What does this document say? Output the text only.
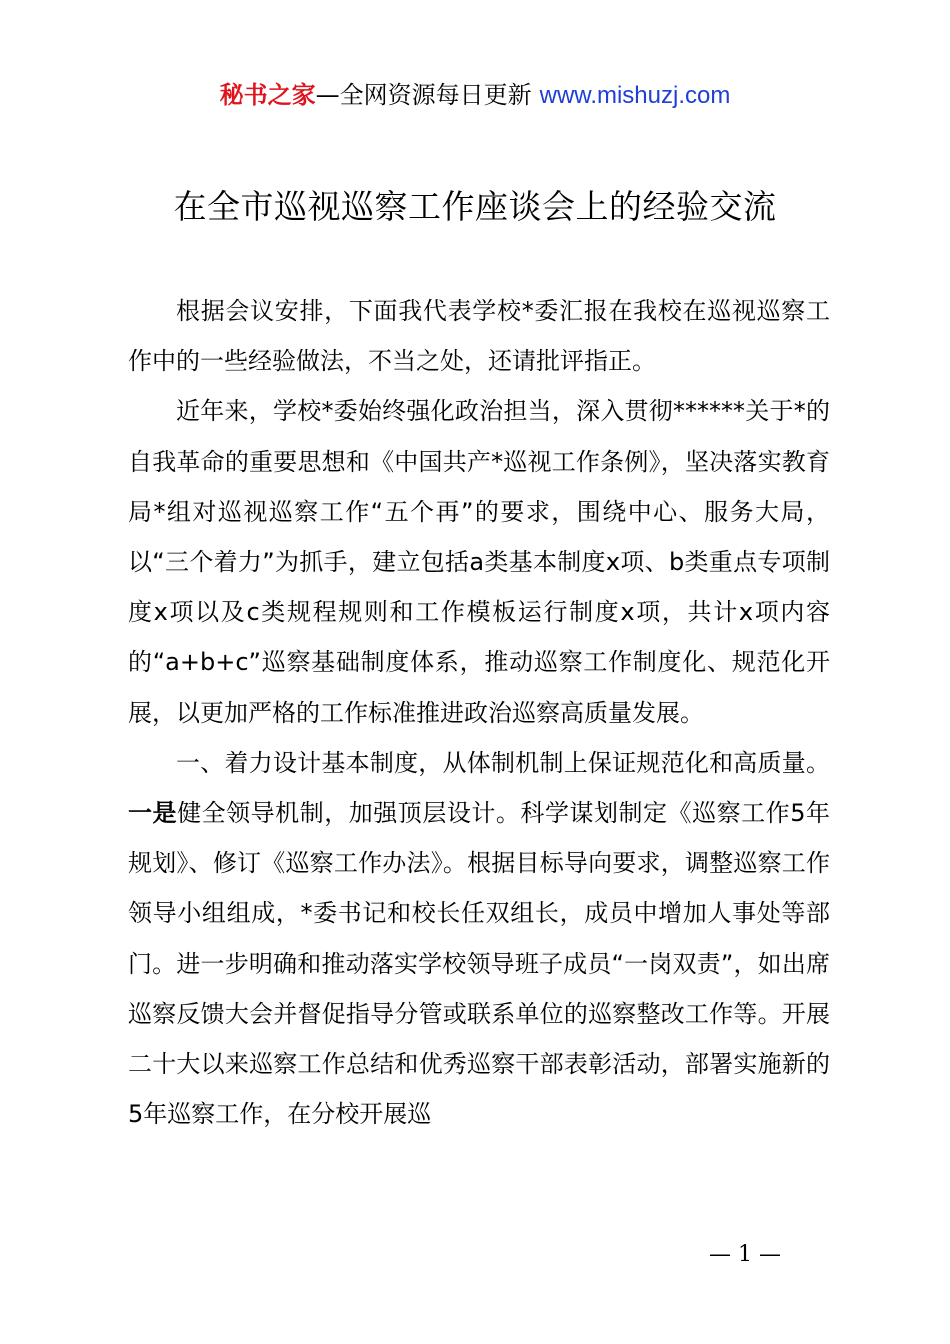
秘书之家—全网资源每日更新 www.mishuzj.com
在全市巡视巡察工作座谈会上的经验交流

根据会议安排，下面我代表学校*委汇报在我校在巡视巡察工作中的一些经验做法，不当之处，还请批评指正。

近年来，学校*委始终强化政治担当，深入贯彻******关于*的自我革命的重要思想和《中国共产*巡视工作条例》，坚决落实教育局*组对巡视巡察工作“五个再”的要求，围绕中心、服务大局，以“三个着力”为抓手，建立包括a类基本制度x项、b类重点专项制度x项以及c类规程规则和工作模板运行制度x项，共计x项内容的“a+b+c”巡察基础制度体系，推动巡察工作制度化、规范化开展，以更加严格的工作标准推进政治巡察高质量发展。

一、着力设计基本制度，从体制机制上保证规范化和高质量。一是健全领导机制，加强顶层设计。科学谋划制定《巡察工作5年规划》、修订《巡察工作办法》。根据目标导向要求，调整巡察工作领导小组组成，*委书记和校长任双组长，成员中增加人事处等部门。进一步明确和推动落实学校领导班子成员“一岗双责”，如出席巡察反馈大会并督促指导分管或联系单位的巡察整改工作等。开展二十大以来巡察工作总结和优秀巡察干部表彰活动，部署实施新的5年巡察工作，在分校开展巡

— 1 —
